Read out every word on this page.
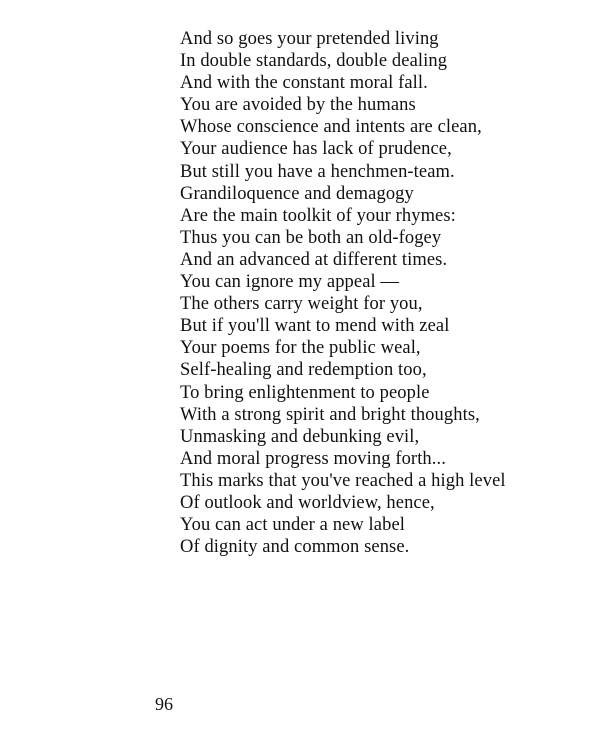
And so goes your pretended living
In double standards, double dealing
And with the constant moral fall.
You are avoided by the humans
Whose conscience and intents are clean,
Your audience has lack of prudence,
But still you have a henchmen-team.
Grandiloquence and demagogy
Are the main toolkit of your rhymes:
Thus you can be both an old-fogey
And an advanced at different times.
You can ignore my appeal —
The others carry weight for you,
But if you'll want to mend with zeal
Your poems for the public weal,
Self-healing and redemption too,
To bring enlightenment to people
With a strong spirit and bright thoughts,
Unmasking and debunking evil,
And moral progress moving forth...
This marks that you've reached a high level
Of outlook and worldview, hence,
You can act under a new label
Of dignity and common sense.
96
